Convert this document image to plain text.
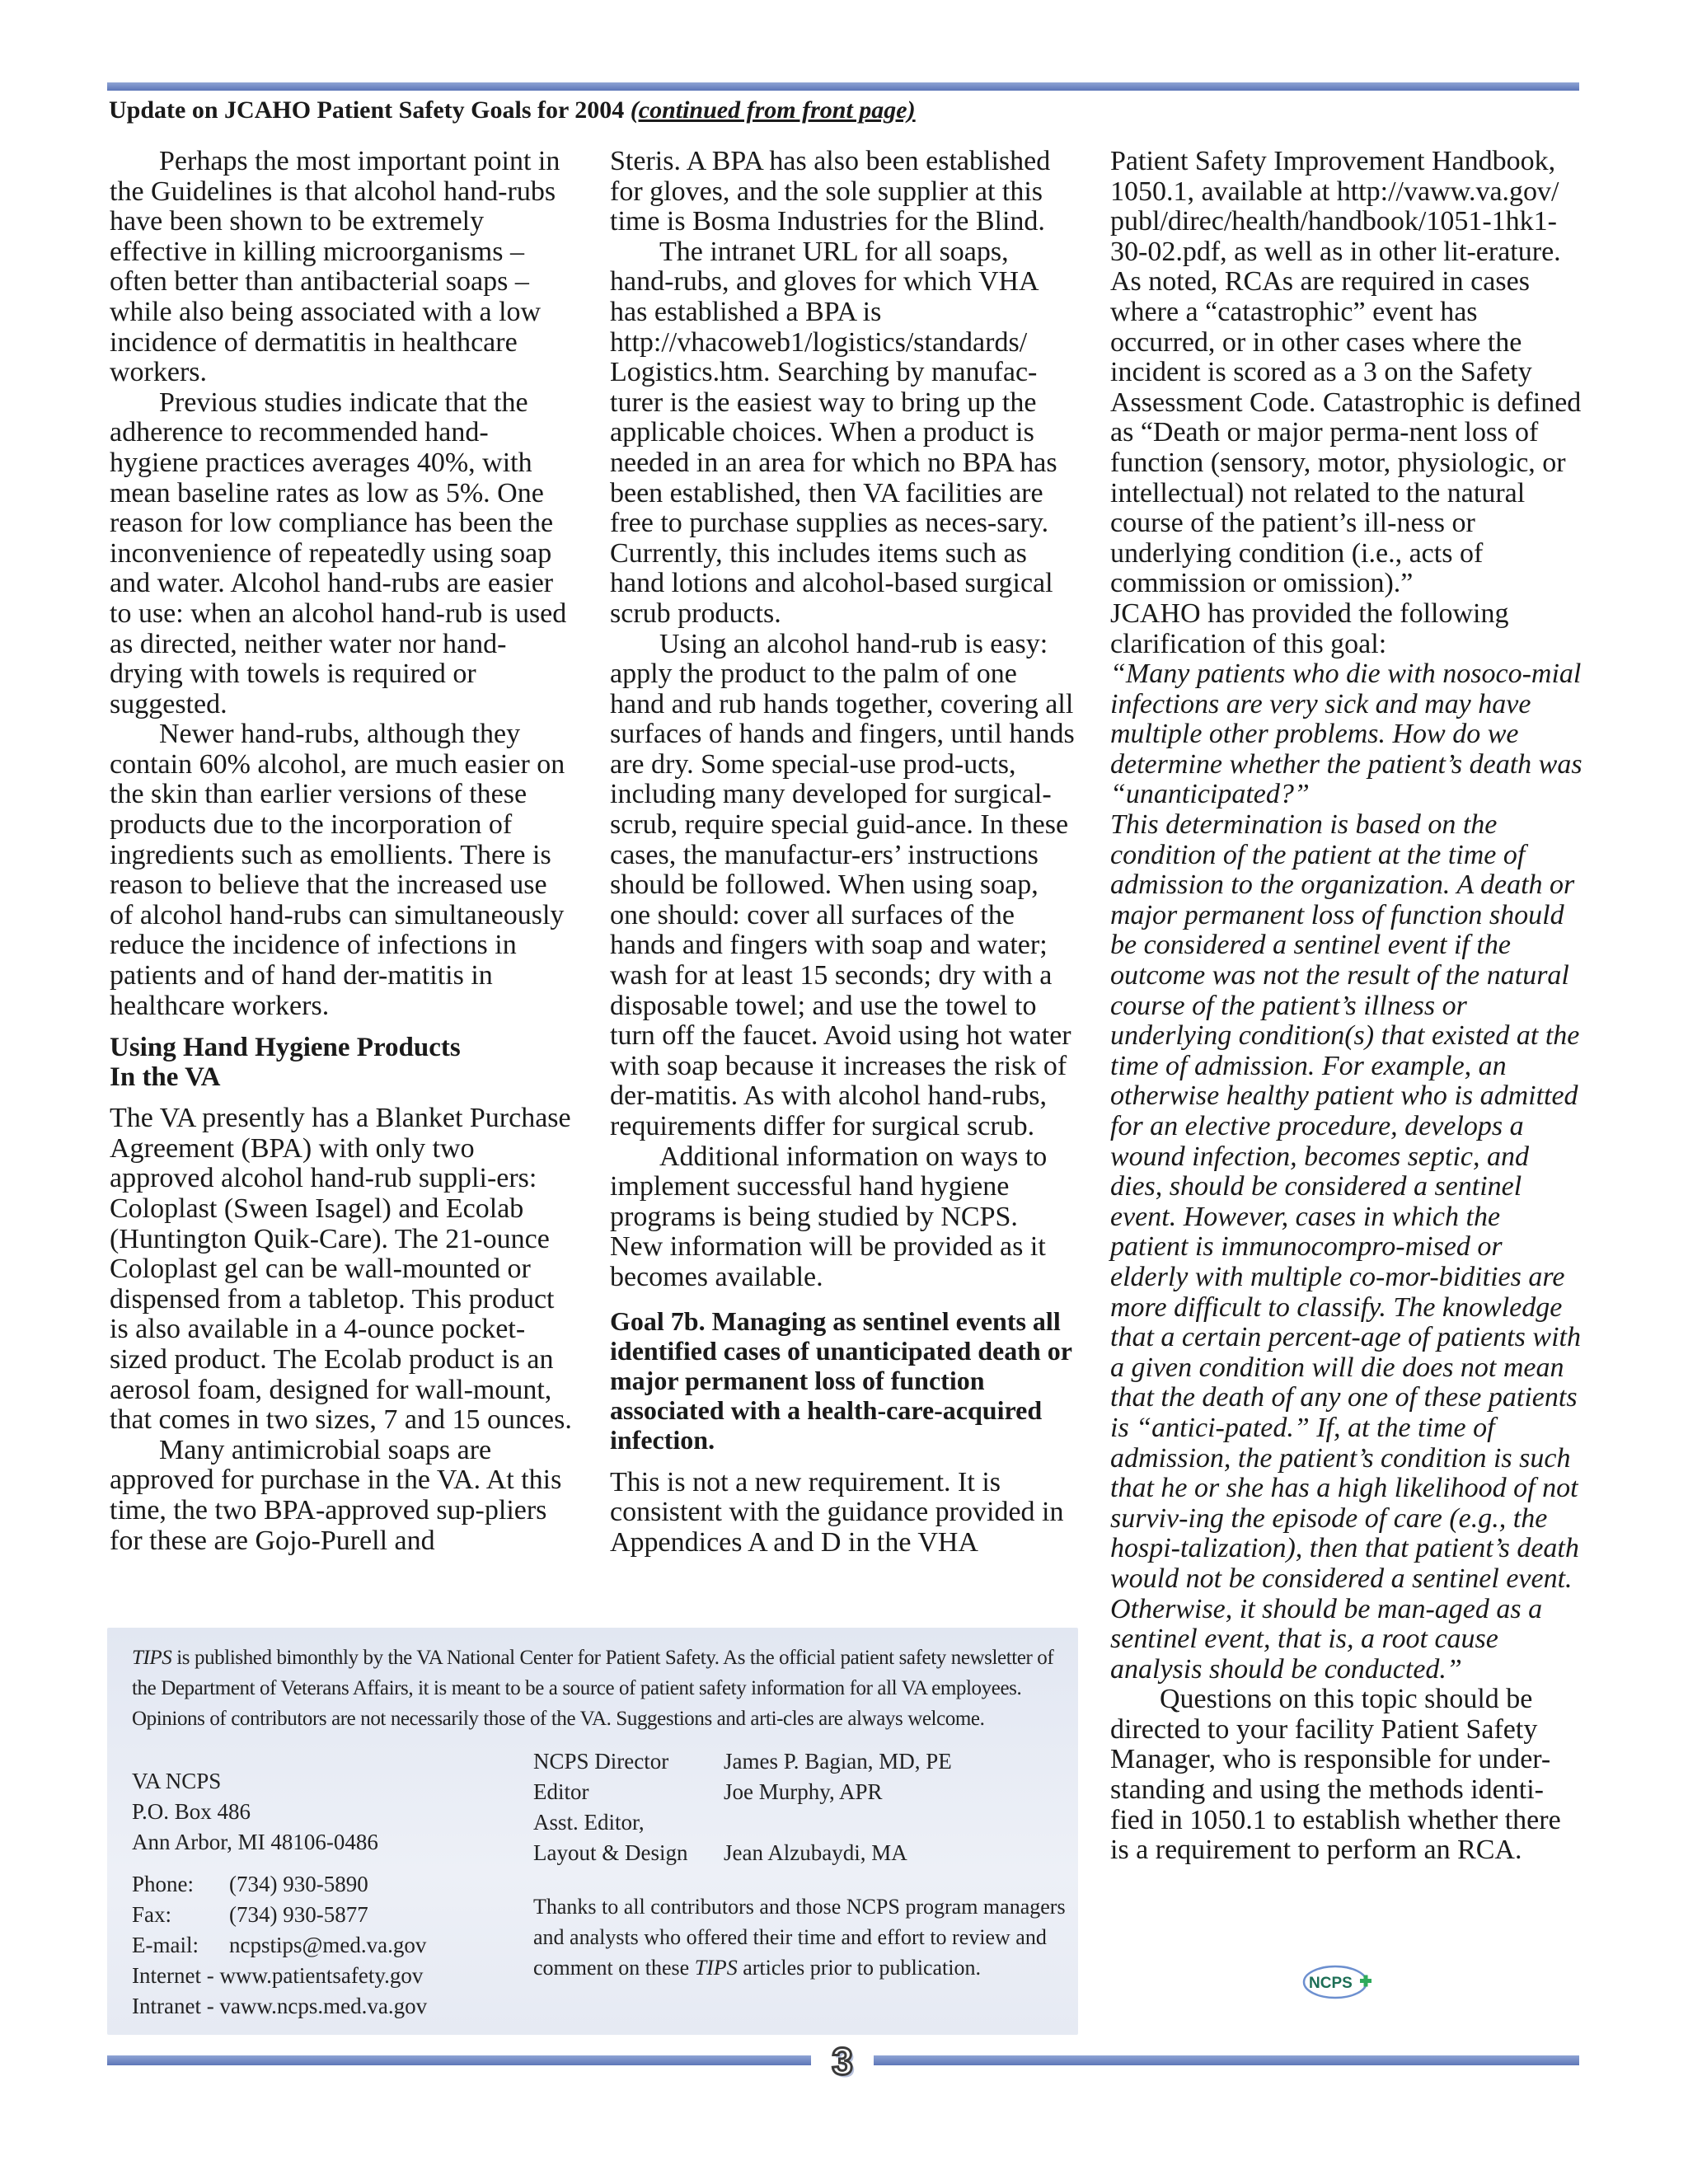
Update on JCAHO Patient Safety Goals for 2004 (continued from front page)

Perhaps the most important point in the Guidelines is that alcohol hand-rubs have been shown to be extremely effective in killing microorganisms – often better than antibacterial soaps – while also being associated with a low incidence of dermatitis in healthcare workers.

Previous studies indicate that the adherence to recommended hand-hygiene practices averages 40%, with mean baseline rates as low as 5%. One reason for low compliance has been the inconvenience of repeatedly using soap and water. Alcohol hand-rubs are easier to use: when an alcohol hand-rub is used as directed, neither water nor hand-drying with towels is required or suggested.

Newer hand-rubs, although they contain 60% alcohol, are much easier on the skin than earlier versions of these products due to the incorporation of ingredients such as emollients. There is reason to believe that the increased use of alcohol hand-rubs can simultaneously reduce the incidence of infections in patients and of hand der-matitis in healthcare workers.

Using Hand Hygiene Products
In the VA

The VA presently has a Blanket Purchase Agreement (BPA) with only two approved alcohol hand-rub suppli-ers: Coloplast (Sween Isagel) and Ecolab (Huntington Quik-Care). The 21-ounce Coloplast gel can be wall-mounted or dispensed from a tabletop. This product is also available in a 4-ounce pocket-sized product. The Ecolab product is an aerosol foam, designed for wall-mount, that comes in two sizes, 7 and 15 ounces.

Many antimicrobial soaps are approved for purchase in the VA. At this time, the two BPA-approved sup-pliers for these are Gojo-Purell and

Steris. A BPA has also been established for gloves, and the sole supplier at this time is Bosma Industries for the Blind.

The intranet URL for all soaps, hand-rubs, and gloves for which VHA has established a BPA is http://vhacoweb1/logistics/standards/ Logistics.htm. Searching by manufac-turer is the easiest way to bring up the applicable choices. When a product is needed in an area for which no BPA has been established, then VA facilities are free to purchase supplies as neces-sary. Currently, this includes items such as hand lotions and alcohol-based surgical scrub products.

Using an alcohol hand-rub is easy: apply the product to the palm of one hand and rub hands together, covering all surfaces of hands and fingers, until hands are dry. Some special-use prod-ucts, including many developed for surgical-scrub, require special guid-ance. In these cases, the manufactur-ers’ instructions should be followed. When using soap, one should: cover all surfaces of the hands and fingers with soap and water; wash for at least 15 seconds; dry with a disposable towel; and use the towel to turn off the faucet. Avoid using hot water with soap because it increases the risk of der-matitis. As with alcohol hand-rubs, requirements differ for surgical scrub.

Additional information on ways to implement successful hand hygiene programs is being studied by NCPS. New information will be provided as it becomes available.

Goal 7b. Managing as sentinel events all identified cases of unanticipated death or major permanent loss of function associated with a health-care-acquired infection.

This is not a new requirement. It is consistent with the guidance provided in Appendices A and D in the VHA

Patient Safety Improvement Handbook, 1050.1, available at http://vaww.va.gov/ publ/direc/health/handbook/1051-1hk1-30-02.pdf, as well as in other lit-erature. As noted, RCAs are required in cases where a “catastrophic” event has occurred, or in other cases where the incident is scored as a 3 on the Safety Assessment Code. Catastrophic is defined as “Death or major perma-nent loss of function (sensory, motor, physiologic, or intellectual) not related to the natural course of the patient’s ill-ness or underlying condition (i.e., acts of commission or omission).”

JCAHO has provided the following clarification of this goal:

“Many patients who die with nosoco-mial infections are very sick and may have multiple other problems. How do we determine whether the patient’s death was “unanticipated?”

This determination is based on the condition of the patient at the time of admission to the organization. A death or major permanent loss of function should be considered a sentinel event if the outcome was not the result of the natural course of the patient’s illness or underlying condition(s) that existed at the time of admission. For example, an otherwise healthy patient who is admitted for an elective procedure, develops a wound infection, becomes septic, and dies, should be considered a sentinel event. However, cases in which the patient is immunocompro-mised or elderly with multiple co-mor-bidities are more difficult to classify. The knowledge that a certain percent-age of patients with a given condition will die does not mean that the death of any one of these patients is “antici-pated.” If, at the time of admission, the patient’s condition is such that he or she has a high likelihood of not surviv-ing the episode of care (e.g., the hospi-talization), then that patient’s death would not be considered a sentinel event. Otherwise, it should be man-aged as a sentinel event, that is, a root cause analysis should be conducted.”

Questions on this topic should be directed to your facility Patient Safety Manager, who is responsible for under-standing and using the methods identi-fied in 1050.1 to establish whether there is a requirement to perform an RCA.

TIPS is published bimonthly by the VA National Center for Patient Safety. As the official patient safety newsletter of the Department of Veterans Affairs, it is meant to be a source of patient safety information for all VA employees. Opinions of contributors are not necessarily those of the VA. Suggestions and arti-cles are always welcome.
VA NCPS
P.O. Box 486
Ann Arbor, MI 48106-0486
Phone:	(734) 930-5890
Fax:	(734) 930-5877
E-mail:	ncpstips@med.va.gov
Internet - www.patientsafety.gov
Intranet - vaww.ncps.med.va.gov
NCPS Director	James P. Bagian, MD, PE
Editor	Joe Murphy, APR
Asst. Editor,
Layout & Design	Jean Alzubaydi, MA
Thanks to all contributors and those NCPS program managers and analysts who offered their time and effort to review and comment on these TIPS articles prior to publication.
NCPS
3
